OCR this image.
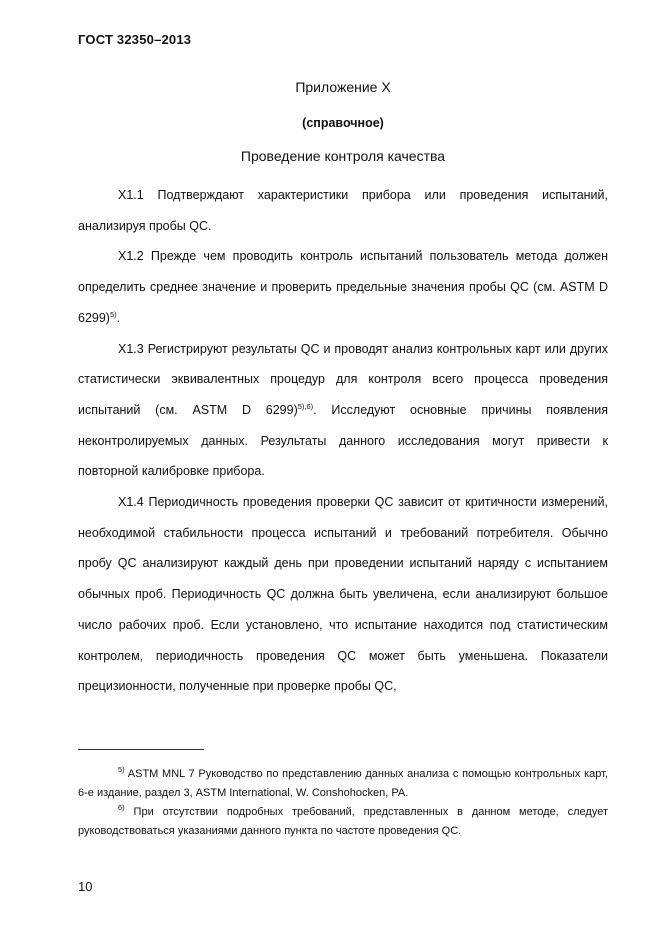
ГОСТ 32350–2013
Приложение Х
(справочное)
Проведение контроля качества

Х1.1 Подтверждают характеристики прибора или проведения испытаний, анализируя пробы QC.

Х1.2 Прежде чем проводить контроль испытаний пользователь метода должен определить среднее значение и проверить предельные значения пробы QC (см. ASTM D 6299)$^{5)}$.

Х1.3 Регистрируют результаты QC и проводят анализ контрольных карт или других статистически эквивалентных процедур для контроля всего процесса проведения испытаний (см. ASTM D 6299)$^{5),6)}$. Исследуют основные причины появления неконтролируемых данных. Результаты данного исследования могут привести к повторной калибровке прибора.

Х1.4 Периодичность проведения проверки QC зависит от критичности измерений, необходимой стабильности процесса испытаний и требований потребителя. Обычно пробу QC анализируют каждый день при проведении испытаний наряду с испытанием обычных проб. Периодичность QC должна быть увеличена, если анализируют большое число рабочих проб. Если установлено, что испытание находится под статистическим контролем, периодичность проведения QC может быть уменьшена. Показатели прецизионности, полученные при проверке пробы QC,

$^{5)}$ ASTM MNL 7 Руководство по представлению данных анализа с помощью контрольных карт, 6-е издание, раздел 3, ASTM International, W. Conshohocken, PA.

$^{6)}$ При отсутствии подробных требований, представленных в данном методе, следует руководствоваться указаниями данного пункта по частоте проведения QC.

10
